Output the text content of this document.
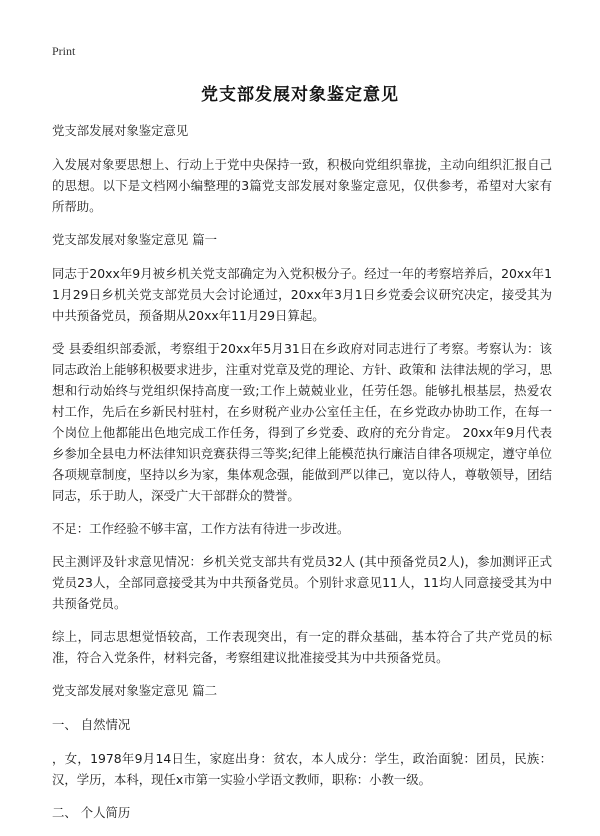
Print
党支部发展对象鉴定意见

党支部发展对象鉴定意见

入发展对象要思想上、行动上于党中央保持一致，积极向党组织靠拢，主动向组织汇报自己的思想。以下是文档网小编整理的3篇党支部发展对象鉴定意见，仅供参考，希望对大家有所帮助。

党支部发展对象鉴定意见 篇一

同志于20xx年9月被乡机关党支部确定为入党积极分子。经过一年的考察培养后，20xx年11月29日乡机关党支部党员大会讨论通过，20xx年3月1日乡党委会议研究决定，接受其为中共预备党员，预备期从20xx年11月29日算起。

受 县委组织部委派，考察组于20xx年5月31日在乡政府对同志进行了考察。考察认为：该同志政治上能够积极要求进步，注重对党章及党的理论、方针、政策和 法律法规的学习，思想和行动始终与党组织保持高度一致;工作上兢兢业业，任劳任怨。能够扎根基层，热爱农 村工作，先后在乡新民村驻村，在乡财税产业办公室任主任，在乡党政办协助工作，在每一个岗位上他都能出色地完成工作任务，得到了乡党委、政府的充分肯定。 20xx年9月代表乡参加全县电力杯法律知识竞赛获得三等奖;纪律上能模范执行廉洁自律各项规定，遵守单位各项规章制度，坚持以乡为家，集体观念强，能做到严以律己，宽以待人，尊敬领导，团结同志，乐于助人，深受广大干部群众的赞誉。

不足：工作经验不够丰富，工作方法有待进一步改进。

民主测评及针求意见情况：乡机关党支部共有党员32人 (其中预备党员2人)，参加测评正式党员23人，全部同意接受其为中共预备党员。个别针求意见11人，11均人同意接受其为中共预备党员。

综上，同志思想觉悟较高，工作表现突出，有一定的群众基础，基本符合了共产党员的标准，符合入党条件，材料完备，考察组建议批准接受其为中共预备党员。

党支部发展对象鉴定意见 篇二

一、 自然情况

，女，1978年9月14日生，家庭出身：贫农，本人成分：学生，政治面貌：团员，民族：汉，学历，本科，现任x市第一实验小学语文教师，职称：小教一级。

二、 个人简历
